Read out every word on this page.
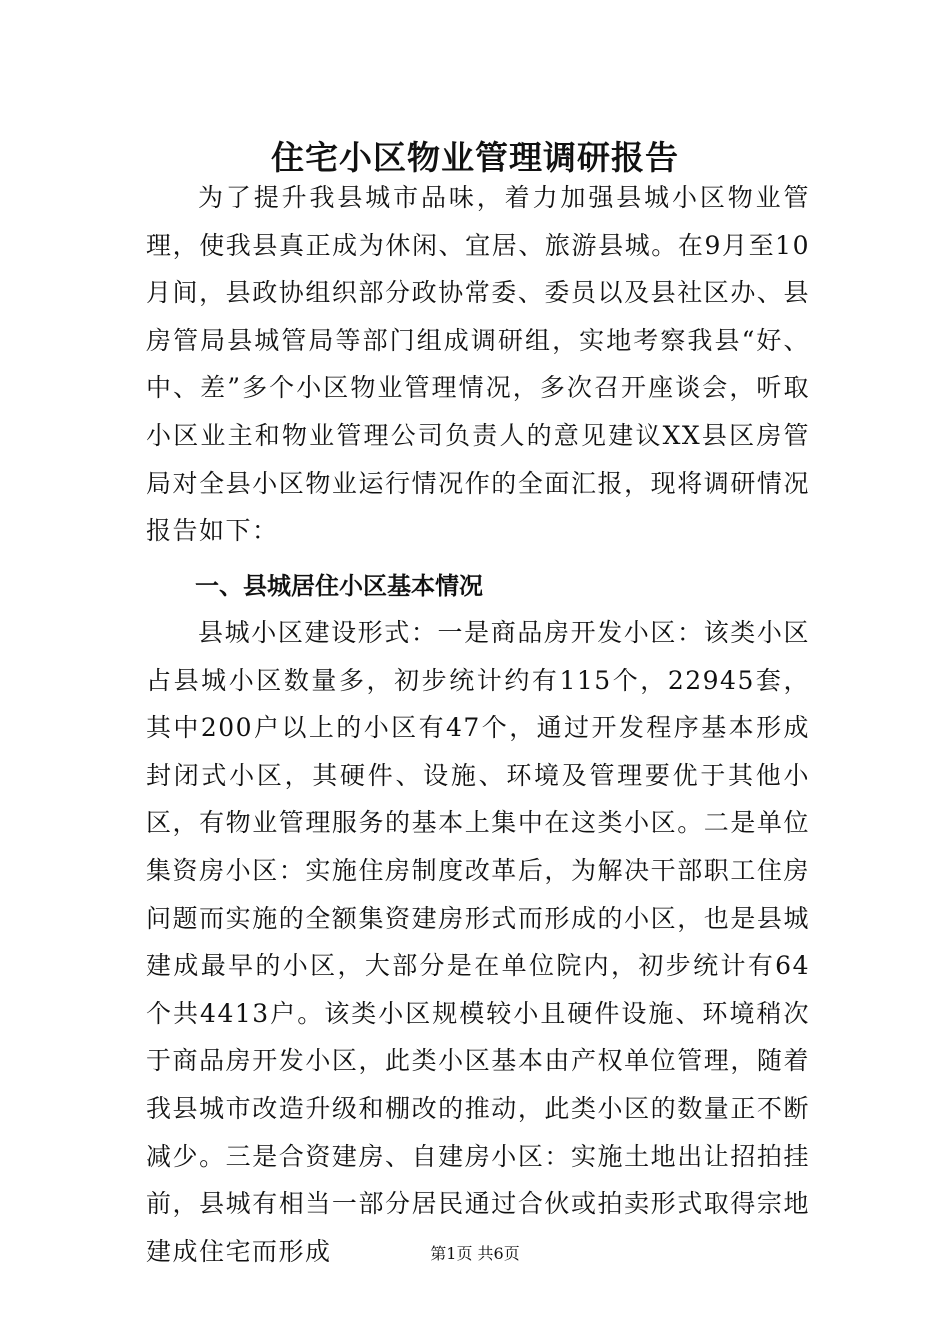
住宅小区物业管理调研报告

为了提升我县城市品味，着力加强县城小区物业管理，使我县真正成为休闲、宜居、旅游县城。在9月至10月间，县政协组织部分政协常委、委员以及县社区办、县房管局县城管局等部门组成调研组，实地考察我县“好、中、差”多个小区物业管理情况，多次召开座谈会，听取小区业主和物业管理公司负责人的意见建议XX县区房管局对全县小区物业运行情况作的全面汇报，现将调研情况报告如下：

一、县城居住小区基本情况

县城小区建设形式：一是商品房开发小区：该类小区占县城小区数量多，初步统计约有115个，22945套，其中200户以上的小区有47个，通过开发程序基本形成封闭式小区，其硬件、设施、环境及管理要优于其他小区，有物业管理服务的基本上集中在这类小区。二是单位集资房小区：实施住房制度改革后，为解决干部职工住房问题而实施的全额集资建房形式而形成的小区，也是县城建成最早的小区，大部分是在单位院内，初步统计有64个共4413户。该类小区规模较小且硬件设施、环境稍次于商品房开发小区，此类小区基本由产权单位管理，随着我县城市改造升级和棚改的推动，此类小区的数量正不断减少。三是合资建房、自建房小区：实施土地出让招拍挂前，县城有相当一部分居民通过合伙或拍卖形式取得宗地建成住宅而形成	第1页 共6页
